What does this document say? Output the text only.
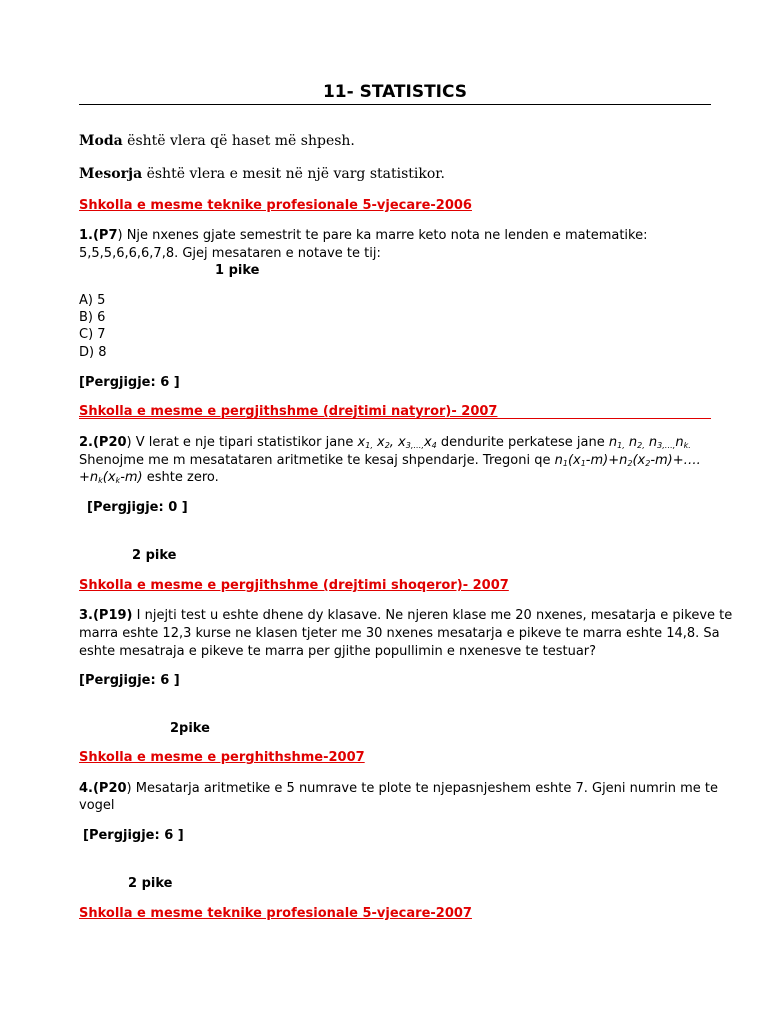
11- STATISTICS
Moda është vlera që haset më shpesh.
Mesorja është vlera e mesit në një varg statistikor.
Shkolla e mesme teknike profesionale 5-vjecare-2006
1.(P7) Nje nxenes gjate semestrit te pare ka marre keto nota ne lenden e matematike:
5,5,5,6,6,6,7,8. Gjej mesataren e notave te tij:
1 pike
A) 5
B) 6
C) 7
D) 8
[Pergjigje: 6 ]
Shkolla e mesme e pergjithshme (drejtimi natyror)- 2007
2.(P20) V lerat e nje tipari statistikor jane $x_{1,}$ $x_2$, $x_{3,\dots,}x_4$ dendurite perkatese jane $n_{1,}$ $n_{2,}$ $n_{3,\dots,}n_{k.}$
Shenojme me m mesatataren aritmetike te kesaj shpendarje. Tregoni qe $n_1(x_1-m)+n_2(x_2-m)+\dots$.
$+n_k(x_k-m)$ eshte zero.
[Pergjigje: 0 ]
2 pike
Shkolla e mesme e pergjithshme (drejtimi shoqeror)- 2007
3.(P19) I njejti test u eshte dhene dy klasave. Ne njeren klase me 20 nxenes, mesatarja e pikeve te
marra eshte 12,3 kurse ne klasen tjeter me 30 nxenes mesatarja e pikeve te marra eshte 14,8. Sa
eshte mesatraja e pikeve te marra per gjithe popullimin e nxenesve te testuar?
[Pergjigje: 6 ]
2pike
Shkolla e mesme e perghithshme-2007
4.(P20) Mesatarja aritmetike e 5 numrave te plote te njepasnjeshem eshte 7. Gjeni numrin me te
vogel
[Pergjigje: 6 ]
2 pike
Shkolla e mesme teknike profesionale 5-vjecare-2007
